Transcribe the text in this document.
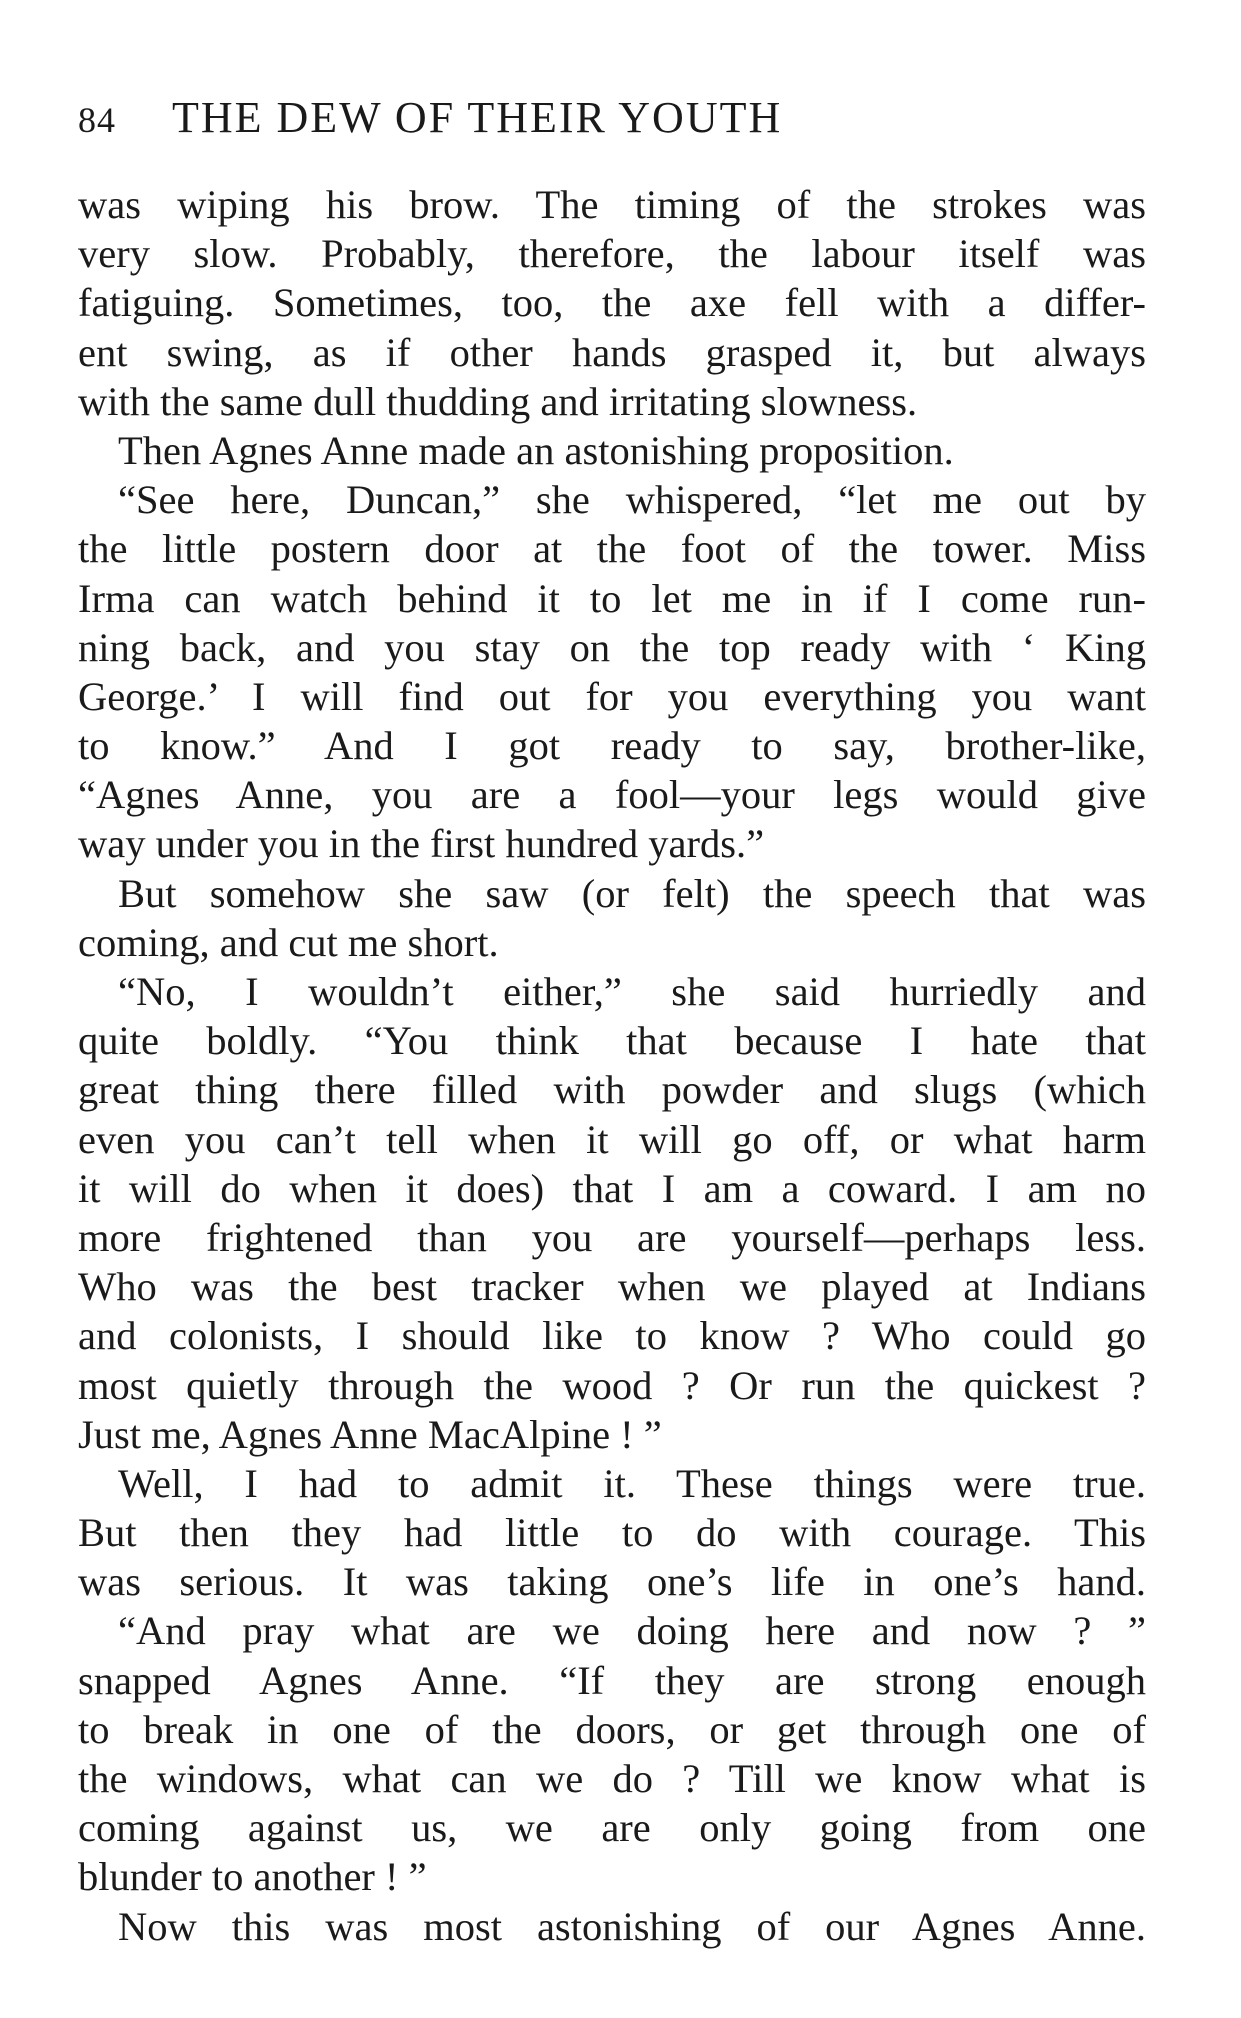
84 THE DEW OF THEIR YOUTH
was wiping his brow. The timing of the strokes was
very slow. Probably, therefore, the labour itself was
fatiguing. Sometimes, too, the axe fell with a differ-
ent swing, as if other hands grasped it, but always
with the same dull thudding and irritating slowness.
Then Agnes Anne made an astonishing proposition.
“See here, Duncan,” she whispered, “let me out by
the little postern door at the foot of the tower. Miss
Irma can watch behind it to let me in if I come run-
ning back, and you stay on the top ready with ‘ King
George.’ I will find out for you everything you want
to know.” And I got ready to say, brother-like,
“Agnes Anne, you are a fool—your legs would give
way under you in the first hundred yards.”
But somehow she saw (or felt) the speech that was
coming, and cut me short.
“No, I wouldn’t either,” she said hurriedly and
quite boldly. “You think that because I hate that
great thing there filled with powder and slugs (which
even you can’t tell when it will go off, or what harm
it will do when it does) that I am a coward. I am no
more frightened than you are yourself—perhaps less.
Who was the best tracker when we played at Indians
and colonists, I should like to know ? Who could go
most quietly through the wood ? Or run the quickest ?
Just me, Agnes Anne MacAlpine ! ”
Well, I had to admit it. These things were true.
But then they had little to do with courage. This
was serious. It was taking one’s life in one’s hand.
“And pray what are we doing here and now ? ”
snapped Agnes Anne. “If they are strong enough
to break in one of the doors, or get through one of
the windows, what can we do ? Till we know what is
coming against us, we are only going from one
blunder to another ! ”
Now this was most astonishing of our Agnes Anne.
